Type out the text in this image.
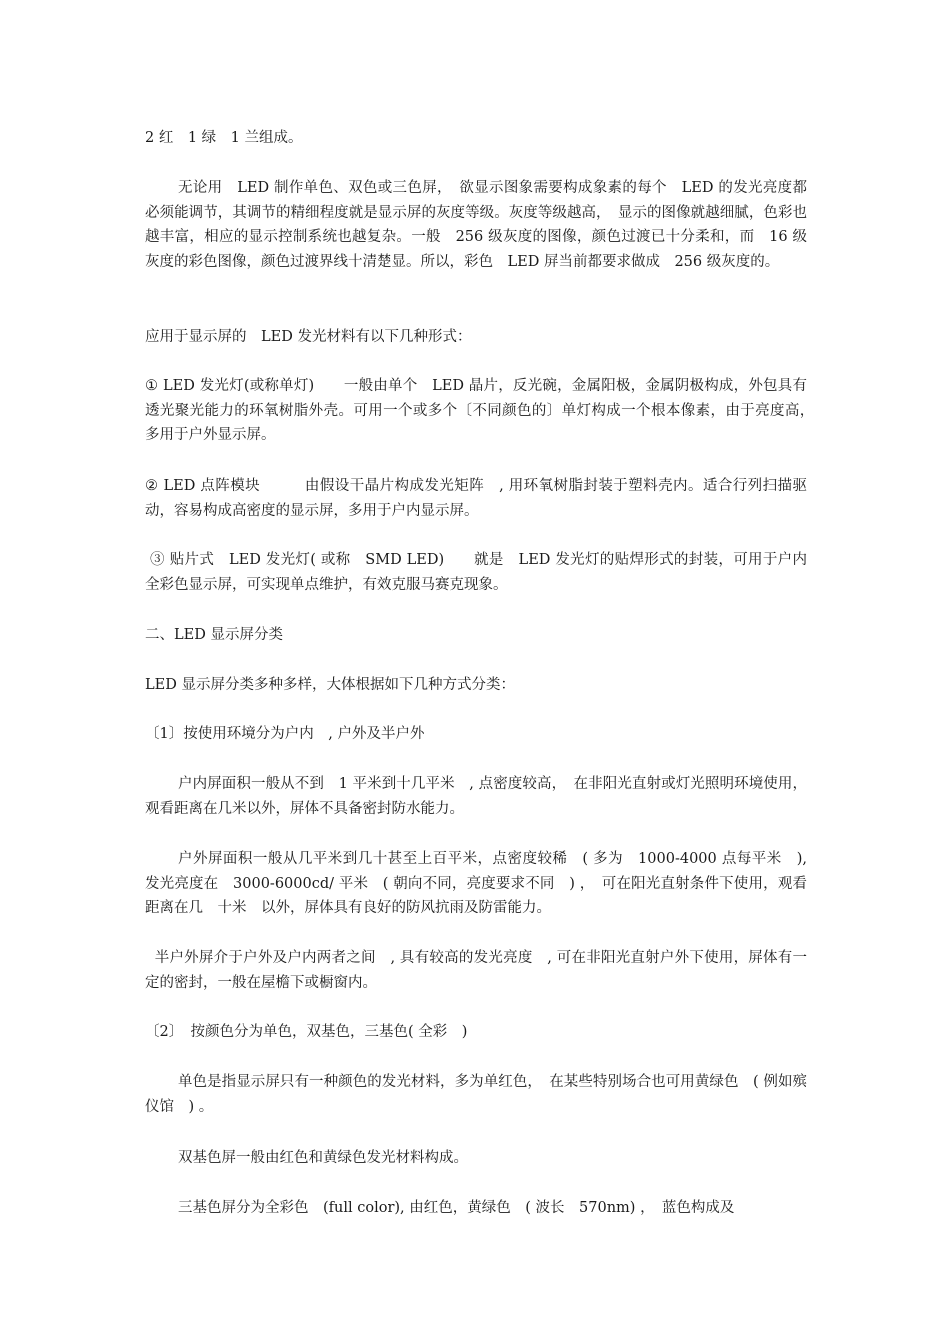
2 红　1 绿　1 兰组成。

无论用　LED 制作单色、双色或三色屏，　欲显示图象需要构成象素的每个　LED 的发光亮度都必须能调节，其调节的精细程度就是显示屏的灰度等级。灰度等级越高，　显示的图像就越细腻，色彩也越丰富，相应的显示控制系统也越复杂。一般　256 级灰度的图像，颜色过渡已十分柔和，而　16 级灰度的彩色图像，颜色过渡界线十清楚显。所以，彩色　LED 屏当前都要求做成　256 级灰度的。

应用于显示屏的　LED 发光材料有以下几种形式：

① LED 发光灯(或称单灯)　　一般由单个　LED 晶片，反光碗，金属阳极，金属阴极构成，外包具有透光聚光能力的环氧树脂外壳。可用一个或多个〔不同颜色的〕单灯构成一个根本像素，由于亮度高，　多用于户外显示屏。

② LED 点阵模块　　　由假设干晶片构成发光矩阵　, 用环氧树脂封装于塑料壳内。适合行列扫描驱动，容易构成高密度的显示屏，多用于户内显示屏。

③ 贴片式　LED 发光灯( 或称　SMD LED)　　就是　LED 发光灯的贴焊形式的封装，可用于户内全彩色显示屏，可实现单点维护，有效克服马赛克现象。

二、LED 显示屏分类

LED 显示屏分类多种多样，大体根据如下几种方式分类：

〔1〕按使用环境分为户内　, 户外及半户外

户内屏面积一般从不到　1 平米到十几平米　, 点密度较高，　在非阳光直射或灯光照明环境使用，观看距离在几米以外，屏体不具备密封防水能力。

户外屏面积一般从几平米到几十甚至上百平米，点密度较稀　( 多为　1000-4000 点每平米　), 发光亮度在　3000-6000cd/ 平米　( 朝向不同，亮度要求不同　) ，　可在阳光直射条件下使用，观看距离在几　十米　以外，屏体具有良好的防风抗雨及防雷能力。

半户外屏介于户外及户内两者之间　, 具有较高的发光亮度　, 可在非阳光直射户外下使用，屏体有一定的密封，一般在屋檐下或橱窗内。

〔2〕　按颜色分为单色，双基色，三基色( 全彩　)

单色是指显示屏只有一种颜色的发光材料，多为单红色，　在某些特别场合也可用黄绿色　( 例如殡仪馆　) 。

双基色屏一般由红色和黄绿色发光材料构成。

三基色屏分为全彩色　(full color), 由红色，黄绿色　( 波长　570nm) ，　蓝色构成及
